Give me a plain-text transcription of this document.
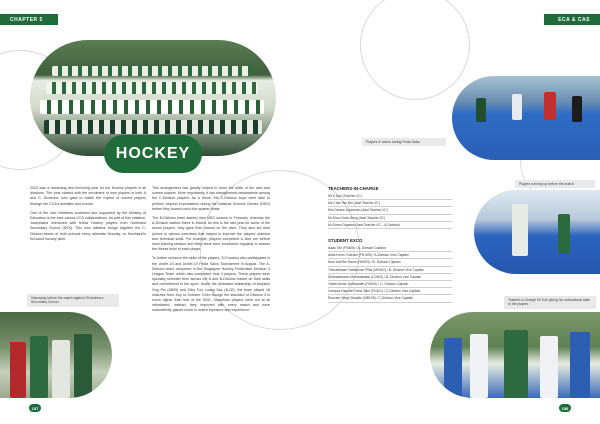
CHAPTER 5	ECA & CAS
HOCKEY

2023 was a rewarding and enriching year for the Hockey players in all divisions. The year started with the enrolment of new players in both A and C- Divisions, who grew to match the rhythm of current players through the CCA's activities and events.

One of the new initiatives endorsed and supported by the Ministry of Education is the inter-school CCA collaborations. As part of this initiative, Josephians interacted with fellow Hockey players from Northland Secondary School (NSS). This new initiative brings together the C-Division teams of both schools every alternate Monday, on Northland's full-sized hockey pitch.

This arrangement has greatly helped to hone the skills of the new and current players. More importantly, it has strengthened camaraderie among the C-Division players. As a result, the C-Division boys were able to perform beyond expectations during the National Schools Games (NSG) before they bowed out in the quarter-finals.

The B-Division team started their NSG season in February, whereas the A-Division started theirs in March. As this is the last year for some of the senior players, they gave their utmost on the pitch. They also led their juniors in various exercises that helped to improve the players' stamina and technical skills. For example, players completed a 4km run before each training session and beep tests were conducted regularly to assess the fitness level of each player.

To further enhance the skills of the players, SJI hockey also participated in the Under-15 and Under-19 Festa Salvo Tournament in August. The A-Division team competed in the Singapore Hockey Federation Division 3 League Team, which also comprised Year 3 players. These players were specially selected from across the A and B-Division based on their skills and commitment to the sport. Under the dedicated leadership of Aloysius Ong Pin (4B09) and Toby Foo Loong Sac (4L02), the team played 16 matches from July to October. Even though the standard of Division 3 is much higher than that of the NSG, Josephian players were not at all intimidated. Instead, they improved with every match and have undoubtedly gained much in match exposure and experience.

Gameplay before the match against St Andrew's Secondary School
Players in action during Festa Salvo
Players running up before the match
TEACHERS-IN-CHARGE
Mr K.Arul (Teacher I/C)
Ms Chen Wu Bin (Asst Teacher I/C)
Mrs Denise Joyceelan (Asst Teacher I/C)
Mr Khoo Hock Hong (Asst Teacher I/C)
Mr Suren Dayalan (Asst Teacher I/C – A-Division)
STUDENT EXCO
Isaac Tan (FN406) / A- Division Captain
Adrik Keren Gotham (FN 605) / A-Division Vice Captain
Noor Adil Bin Razni (H4H03) / B- Division Captain
Thevathirash Yatuthevan Pillai (MH402) / B- Division Vice Captain
Dhanasekaran Mohanabalan (LD402) / B- Division Vice Captain
Yadav Arnav Vishwanath (FN401) / C- Division Captain
Campos Raphael Drew Tabo (FN101) / C-Division Vice Captain
Rouveer Singh Sandhu (MB105) / C-Division Vice Captain	Teacher-in-Charge Mr Koh giving his motivational talks to the players
157	158
